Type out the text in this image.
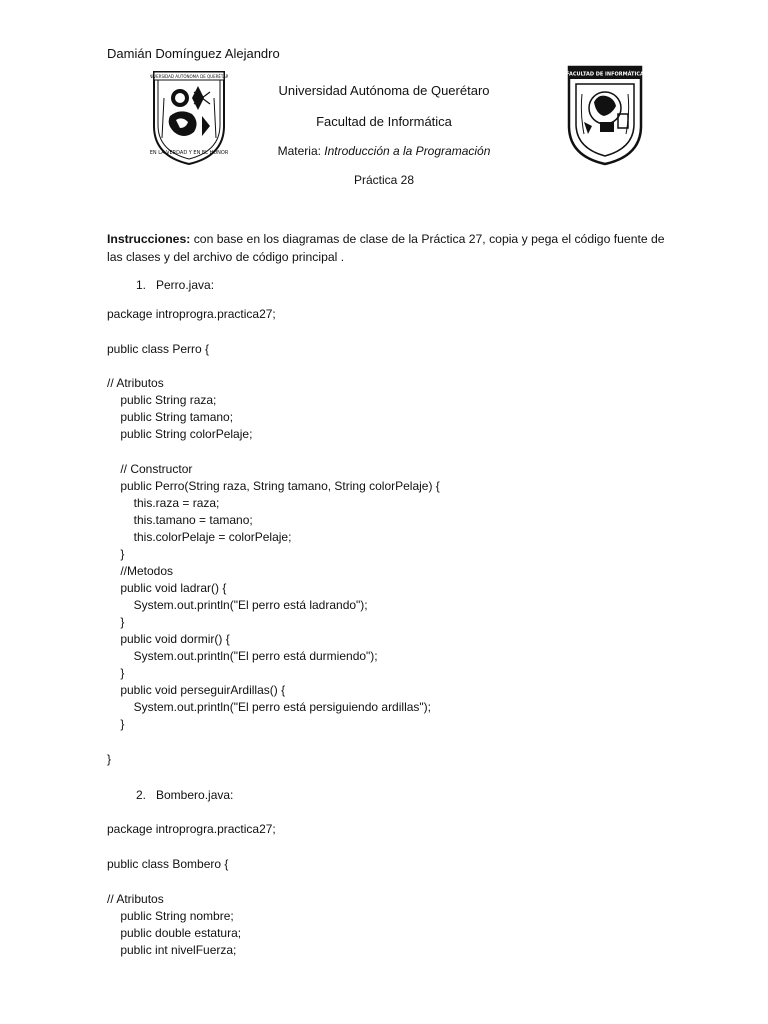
Damián Domínguez Alejandro
UNIVERSIDAD AUTÓNOMA DE QUERÉTARO
EN LA VERDAD Y EN EL HONOR
Universidad Autónoma de Querétaro
Facultad de Informática
Materia: Introducción a la Programación
Práctica 28
FACULTAD DE INFORMÁTICA
Instrucciones: con base en los diagramas de clase de la Práctica 27, copia y pega el código fuente de las clases y del archivo de código principal .
1. Perro.java:
package introprogra.practica27;
public class Perro {
// Atributos
public String raza;
public String tamano;
public String colorPelaje;
// Constructor
public Perro(String raza, String tamano, String colorPelaje) {
this.raza = raza;
this.tamano = tamano;
this.colorPelaje = colorPelaje;
}
//Metodos
public void ladrar() {
System.out.println("El perro está ladrando");
}
public void dormir() {
System.out.println("El perro está durmiendo");
}
public void perseguirArdillas() {
System.out.println("El perro está persiguiendo ardillas");
}
}
2. Bombero.java:
package introprogra.practica27;
public class Bombero {
// Atributos
public String nombre;
public double estatura;
public int nivelFuerza;
